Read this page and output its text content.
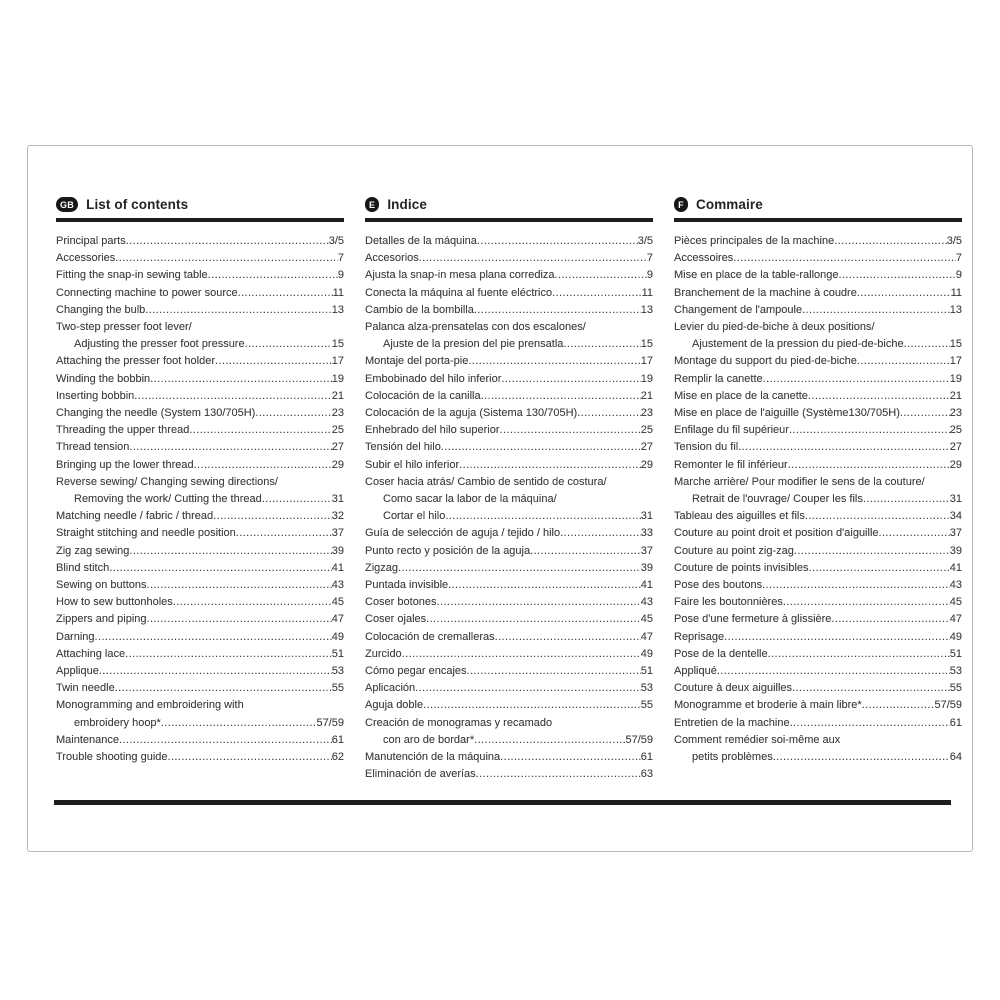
GB List of contents
Principal parts .....	3/5
Accessories .....	7
Fitting the snap-in sewing table .....	9
Connecting machine to power source .....	11
Changing the bulb .....	13
Two-step presser foot lever/
Adjusting the presser foot pressure .....	15
Attaching the presser foot holder .....	17
Winding the bobbin .....	19
Inserting bobbin .....	21
Changing the needle (System 130/705H) .....	23
Threading the upper thread .....	25
Thread tension .....	27
Bringing up the lower thread .....	29
Reverse sewing/ Changing sewing directions/
Removing the work/ Cutting the thread .....	31
Matching needle / fabric / thread .....	32
Straight stitching and needle position .....	37
Zig zag sewing .....	39
Blind stitch .....	41
Sewing on buttons .....	43
How to sew buttonholes .....	45
Zippers and piping .....	47
Darning .....	49
Attaching lace .....	51
Applique .....	53
Twin needle .....	55
Monogramming and embroidering with
embroidery hoop* .....	57/59
Maintenance .....	61
Trouble shooting guide .....	62
E Indice
Detalles de la máquina .....	3/5
Accesorios .....	7
Ajusta la snap-in mesa plana corrediza .....	9
Conecta la máquina al fuente eléctrico .....	11
Cambio de la bombilla .....	13
Palanca alza-prensatelas con dos escalones/
Ajuste de la presion del pie prensatla .....	15
Montaje del porta-pie .....	17
Embobinado del hilo inferior .....	19
Colocación de la canilla .....	21
Colocación de la aguja (Sistema 130/705H) .....	23
Enhebrado del hilo superior .....	25
Tensión del hilo .....	27
Subir el hilo inferior .....	29
Coser hacia atrás/ Cambio de sentido de costura/
Como sacar la labor de la máquina/
Cortar el hilo .....	31
Guía de selección de aguja / tejido / hilo .....	33
Punto recto y posición de la aguja .....	37
Zigzag .....	39
Puntada invisible .....	41
Coser botones .....	43
Coser ojales .....	45
Colocación de cremalleras .....	47
Zurcido .....	49
Cómo pegar encajes .....	51
Aplicación .....	53
Aguja doble .....	55
Creación de monogramas y recamado
con aro de bordar* .....	57/59
Manutención de la máquina .....	61
Eliminación de averías .....	63
F Commaire
Pièces principales de la machine .....	3/5
Accessoires .....	7
Mise en place de la table-rallonge .....	9
Branchement de la machine à coudre .....	11
Changement de l'ampoule .....	13
Levier du pied-de-biche à deux positions/
Ajustement de la pression du pied-de-biche .....	15
Montage du support du pied-de-biche .....	17
Remplir la canette .....	19
Mise en place de la canette .....	21
Mise en place de l'aiguille (Système130/705H) .....	23
Enfilage du fil supérieur .....	25
Tension du fil .....	27
Remonter le fil inférieur .....	29
Marche arrière/ Pour modifier le sens de la couture/
Retrait de l'ouvrage/ Couper les fils .....	31
Tableau des aiguilles et fils .....	34
Couture au point droit et position d'aiguille .....	37
Couture au point zig-zag .....	39
Couture de points invisibles .....	41
Pose des boutons .....	43
Faire les boutonnières .....	45
Pose d'une fermeture à glissière .....	47
Reprisage .....	49
Pose de la dentelle .....	51
Appliqué .....	53
Couture à deux aiguilles .....	55
Monogramme et broderie à main libre* .....	57/59
Entretien de la machine .....	61
Comment remédier soi-même aux
petits problèmes .....	64
